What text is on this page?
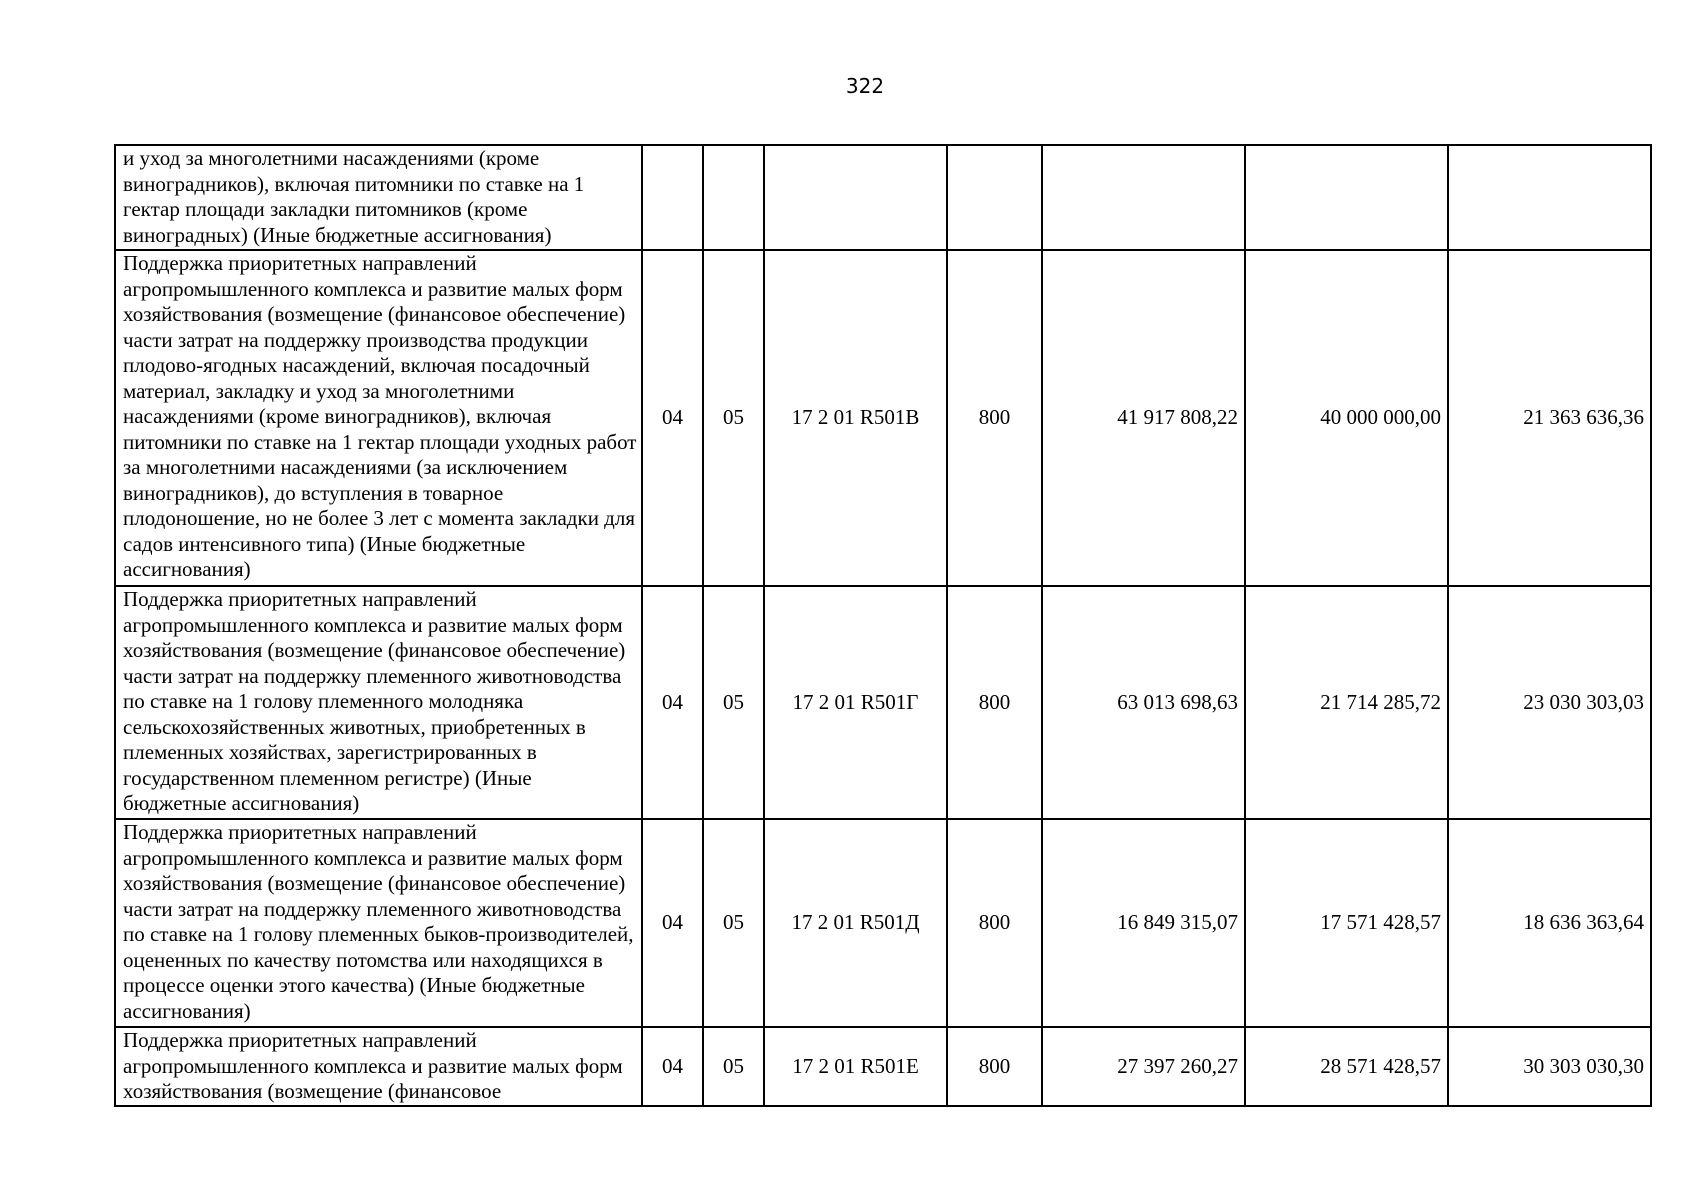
322
и уход за многолетними насаждениями (кроме виноградников), включая питомники по ставке на 1 гектар площади закладки питомников (кроме виноградных) (Иные бюджетные ассигнования)							
Поддержка приоритетных направлений агропромышленного комплекса и развитие малых форм хозяйствования (возмещение (финансовое обеспечение) части затрат на поддержку производства продукции плодово-ягодных насаждений, включая посадочный материал, закладку и уход за многолетними насаждениями (кроме виноградников), включая питомники по ставке на 1 гектар площади уходных работ за многолетними насаждениями (за исключением виноградников), до вступления в товарное плодоношение, но не более 3 лет с момента закладки для садов интенсивного типа) (Иные бюджетные ассигнования)	04	05	17 2 01 R501В	800	41 917 808,22	40 000 000,00	21 363 636,36
Поддержка приоритетных направлений агропромышленного комплекса и развитие малых форм хозяйствования (возмещение (финансовое обеспечение) части затрат на поддержку племенного животноводства по ставке на 1 голову племенного молодняка сельскохозяйственных животных, приобретенных в племенных хозяйствах, зарегистрированных в государственном племенном регистре) (Иные бюджетные ассигнования)	04	05	17 2 01 R501Г	800	63 013 698,63	21 714 285,72	23 030 303,03
Поддержка приоритетных направлений агропромышленного комплекса и развитие малых форм хозяйствования (возмещение (финансовое обеспечение) части затрат на поддержку племенного животноводства по ставке на 1 голову племенных быков-производителей, оцененных по качеству потомства или находящихся в процессе оценки этого качества) (Иные бюджетные ассигнования)	04	05	17 2 01 R501Д	800	16 849 315,07	17 571 428,57	18 636 363,64
Поддержка приоритетных направлений агропромышленного комплекса и развитие малых форм хозяйствования (возмещение (финансовое	04	05	17 2 01 R501Е	800	27 397 260,27	28 571 428,57	30 303 030,30
